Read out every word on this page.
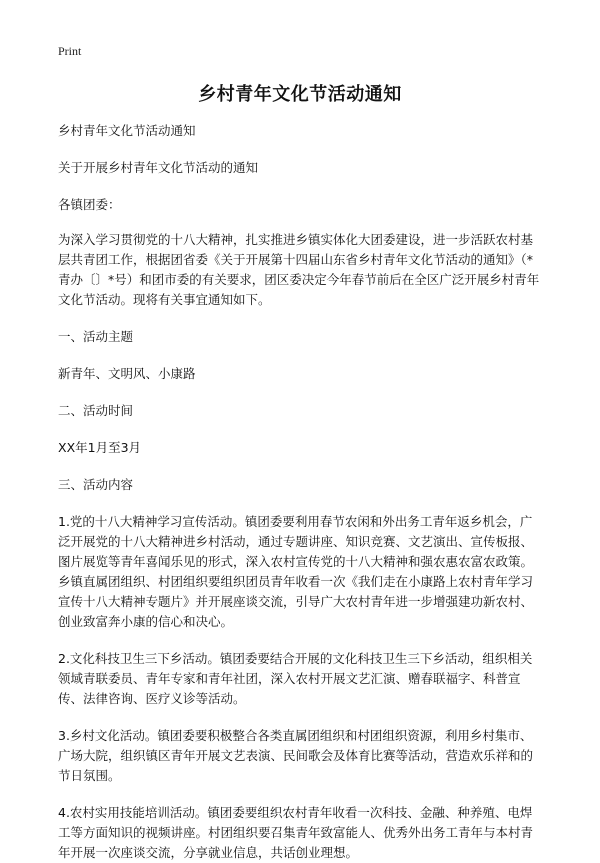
Print
乡村青年文化节活动通知

乡村青年文化节活动通知

关于开展乡村青年文化节活动的通知

各镇团委：

为深入学习贯彻党的十八大精神，扎实推进乡镇实体化大团委建设，进一步活跃农村基层共青团工作，根据团省委《关于开展第十四届山东省乡村青年文化节活动的通知》（*青办〔〕*号）和团市委的有关要求，团区委决定今年春节前后在全区广泛开展乡村青年文化节活动。现将有关事宜通知如下。

一、活动主题

新青年、文明风、小康路

二、活动时间

XX年1月至3月

三、活动内容

1.党的十八大精神学习宣传活动。镇团委要利用春节农闲和外出务工青年返乡机会，广泛开展党的十八大精神进乡村活动，通过专题讲座、知识竞赛、文艺演出、宣传板报、图片展览等青年喜闻乐见的形式，深入农村宣传党的十八大精神和强农惠农富农政策。乡镇直属团组织、村团组织要组织团员青年收看一次《我们走在小康路上农村青年学习宣传十八大精神专题片》并开展座谈交流，引导广大农村青年进一步增强建功新农村、创业致富奔小康的信心和决心。

2.文化科技卫生三下乡活动。镇团委要结合开展的文化科技卫生三下乡活动，组织相关领域青联委员、青年专家和青年社团，深入农村开展文艺汇演、赠春联福字、科普宣传、法律咨询、医疗义诊等活动。

3.乡村文化活动。镇团委要积极整合各类直属团组织和村团组织资源，利用乡村集市、广场大院，组织镇区青年开展文艺表演、民间歌会及体育比赛等活动，营造欢乐祥和的节日氛围。

4.农村实用技能培训活动。镇团委要组织农村青年收看一次科技、金融、种养殖、电焊工等方面知识的视频讲座。村团组织要召集青年致富能人、优秀外出务工青年与本村青年开展一次座谈交流，分享就业信息，共话创业理想。
